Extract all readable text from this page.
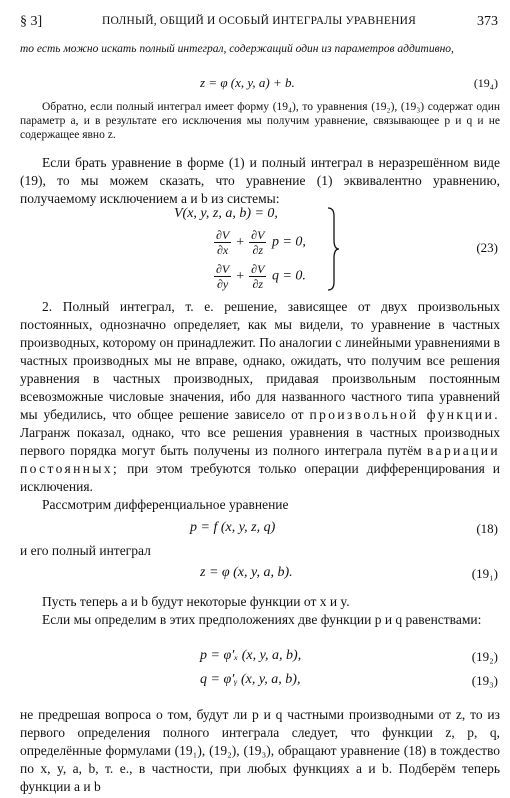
§ 3]	ПОЛНЫЙ, ОБЩИЙ И ОСОБЫЙ ИНТЕГРАЛЫ УРАВНЕНИЯ	373

то есть можно искать полный интеграл, содержащий один из параметров аддитивно,

z = φ (x, y, a) + b.	(19₄)

Обратно, если полный интеграл имеет форму (19₄), то уравнения (19₂), (19₃) содержат один параметр a, и в результате его исключения мы получим уравнение, связывающее p и q и не содержащее явно z.

Если брать уравнение в форме (1) и полный интеграл в неразрешённом виде (19), то мы можем сказать, что уравнение (1) эквивалентно уравнению, получаемому исключением a и b из системы:

V(x, y, z, a, b) = 0,
$\frac{\partial V}{\partial x} + \frac{\partial V}{\partial z}$ p = 0,
$\frac{\partial V}{\partial y} + \frac{\partial V}{\partial z}$ q = 0.
(23)

2. Полный интеграл, т. е. решение, зависящее от двух произвольных постоянных, однозначно определяет, как мы видели, то уравнение в частных производных, которому он принадлежит. По аналогии с линейными уравнениями в частных производных мы не вправе, однако, ожидать, что получим все решения уравнения в частных производных, придавая произвольным постоянным всевозможные числовые значения, ибо для названного частного типа уравнений мы убедились, что общее решение зависело от произвольной функции. Лагранж показал, однако, что все решения уравнения в частных производных первого порядка могут быть получены из полного интеграла путём вариации постоянных; при этом требуются только операции дифференцирования и исключения.

Рассмотрим дифференциальное уравнение

p = f (x, y, z, q)	(18)

и его полный интеграл

z = φ (x, y, a, b).	(19₁)

Пусть теперь a и b будут некоторые функции от x и y.

Если мы определим в этих предположениях две функции p и q равенствами:

p = φ′ₓ (x, y, a, b),	(19₂)
q = φ′ᵧ (x, y, a, b),	(19₃)

не предрешая вопроса о том, будут ли p и q частными производными от z, то из первого определения полного интеграла следует, что функции z, p, q, определённые формулами (19₁), (19₂), (19₃), обращают уравнение (18) в тождество по x, y, a, b, т. е., в частности, при любых функциях a и b. Подберём теперь функции a и b
